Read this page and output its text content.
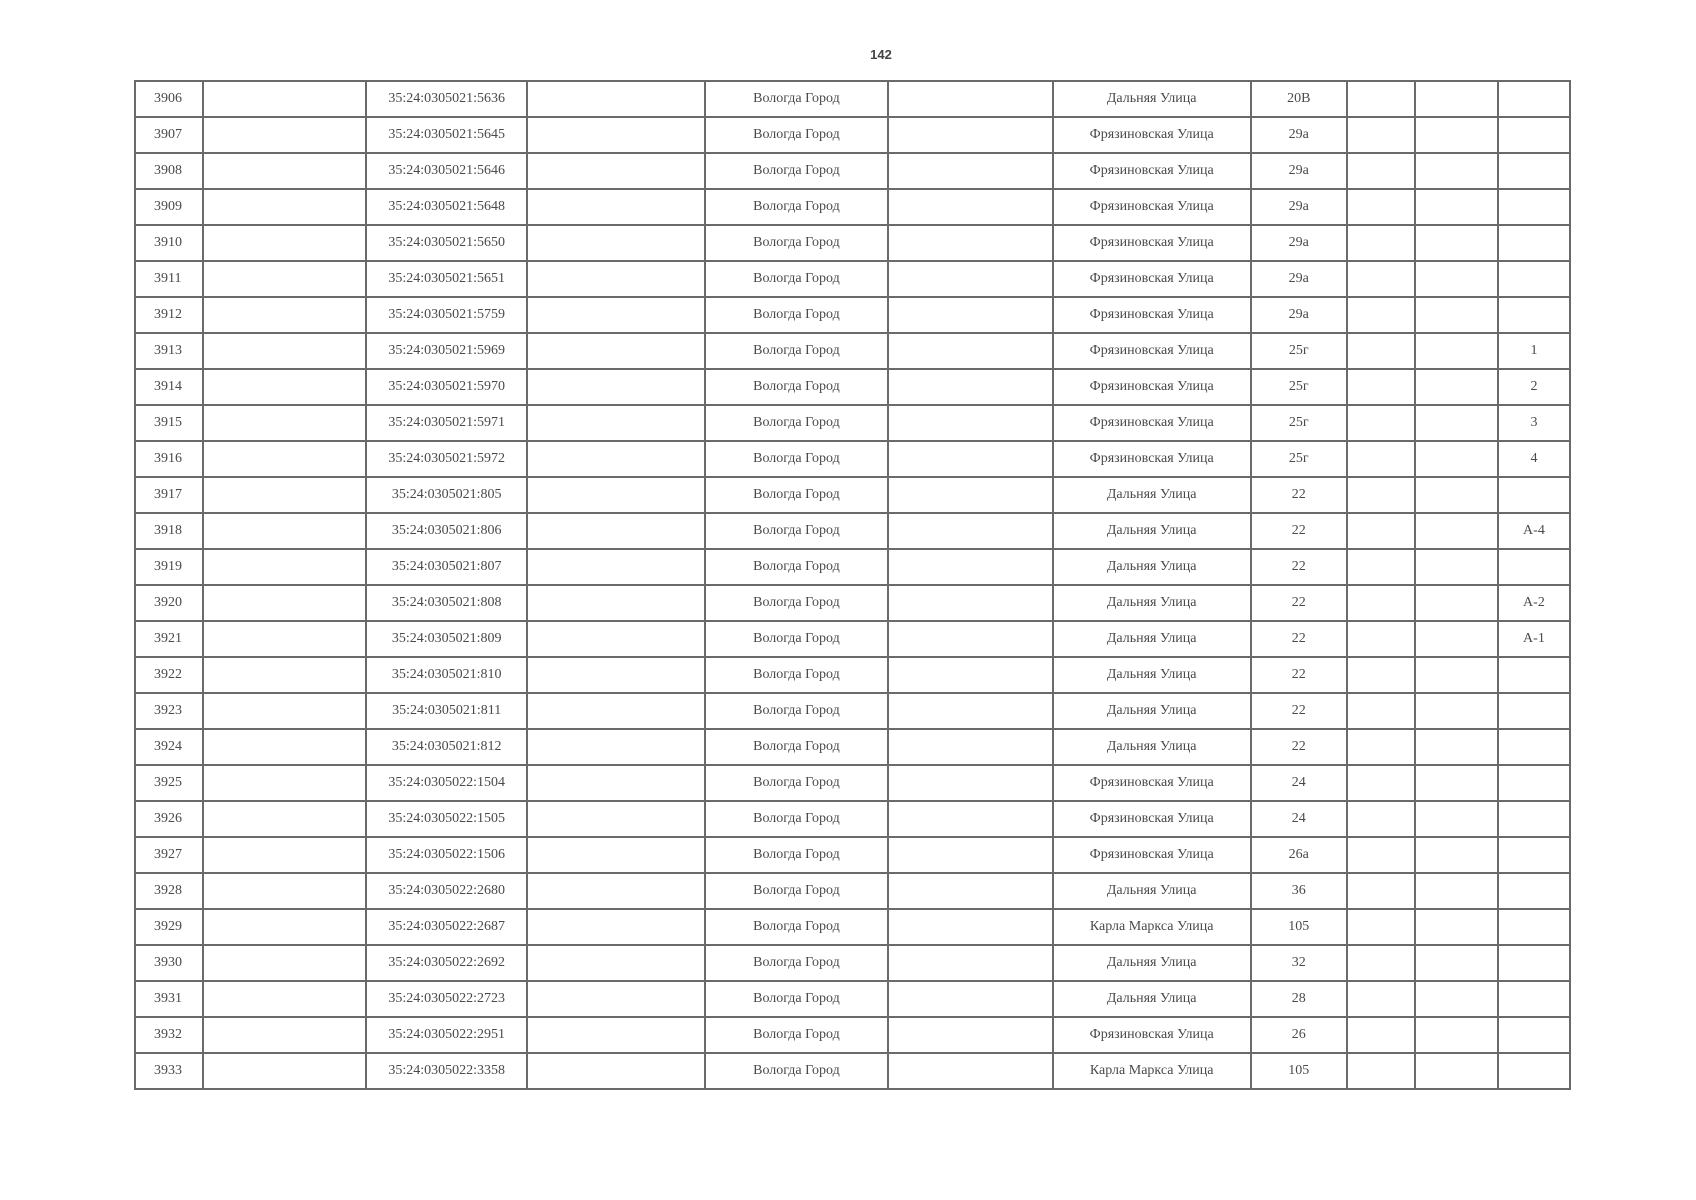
142
3906		35:24:0305021:5636		Вологда Город		Дальняя Улица	20В			
3907		35:24:0305021:5645		Вологда Город		Фрязиновская Улица	29а			
3908		35:24:0305021:5646		Вологда Город		Фрязиновская Улица	29а			
3909		35:24:0305021:5648		Вологда Город		Фрязиновская Улица	29а			
3910		35:24:0305021:5650		Вологда Город		Фрязиновская Улица	29а			
3911		35:24:0305021:5651		Вологда Город		Фрязиновская Улица	29а			
3912		35:24:0305021:5759		Вологда Город		Фрязиновская Улица	29а			
3913		35:24:0305021:5969		Вологда Город		Фрязиновская Улица	25г			1
3914		35:24:0305021:5970		Вологда Город		Фрязиновская Улица	25г			2
3915		35:24:0305021:5971		Вологда Город		Фрязиновская Улица	25г			3
3916		35:24:0305021:5972		Вологда Город		Фрязиновская Улица	25г			4
3917		35:24:0305021:805		Вологда Город		Дальняя Улица	22			
3918		35:24:0305021:806		Вологда Город		Дальняя Улица	22			А-4
3919		35:24:0305021:807		Вологда Город		Дальняя Улица	22			
3920		35:24:0305021:808		Вологда Город		Дальняя Улица	22			А-2
3921		35:24:0305021:809		Вологда Город		Дальняя Улица	22			А-1
3922		35:24:0305021:810		Вологда Город		Дальняя Улица	22			
3923		35:24:0305021:811		Вологда Город		Дальняя Улица	22			
3924		35:24:0305021:812		Вологда Город		Дальняя Улица	22			
3925		35:24:0305022:1504		Вологда Город		Фрязиновская Улица	24			
3926		35:24:0305022:1505		Вологда Город		Фрязиновская Улица	24			
3927		35:24:0305022:1506		Вологда Город		Фрязиновская Улица	26а			
3928		35:24:0305022:2680		Вологда Город		Дальняя Улица	36			
3929		35:24:0305022:2687		Вологда Город		Карла Маркса Улица	105			
3930		35:24:0305022:2692		Вологда Город		Дальняя Улица	32			
3931		35:24:0305022:2723		Вологда Город		Дальняя Улица	28			
3932		35:24:0305022:2951		Вологда Город		Фрязиновская Улица	26			
3933		35:24:0305022:3358		Вологда Город		Карла Маркса Улица	105			
